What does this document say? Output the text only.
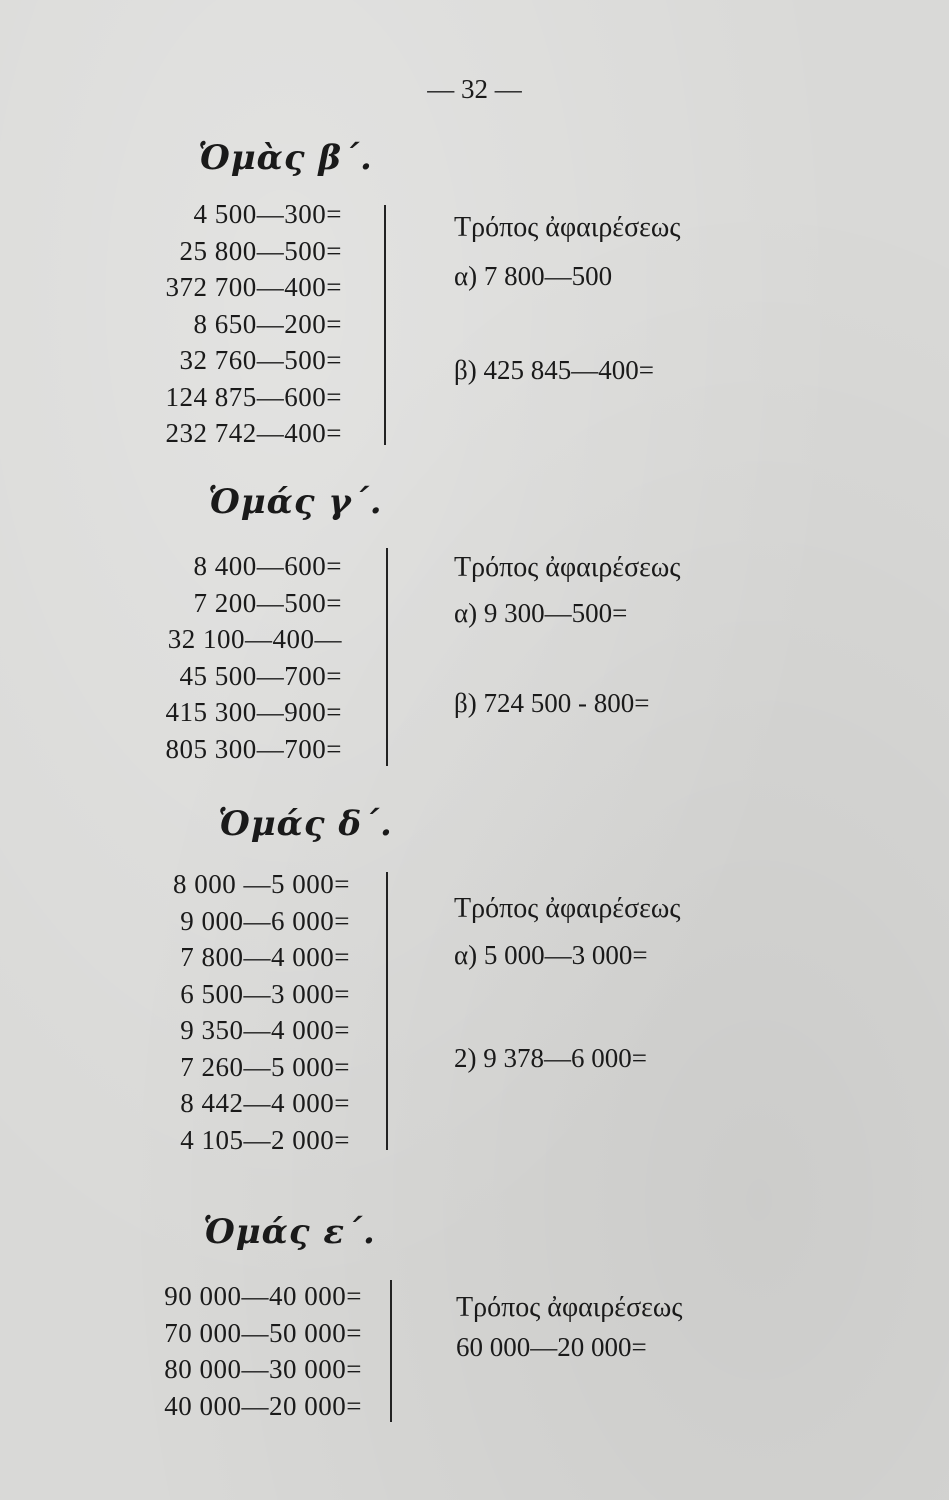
— 32 —
Ὁμὰς β΄.
4 500—300=
25 800—500=
372 700—400=
8 650—200=
32 760—500=
124 875—600=
232 742—400=
Τρόπος ἀφαιρέσεως
α) 7 800—500
β) 425 845—400=
Ὁμάς γ΄.
8 400—600=
7 200—500=
32 100—400—
45 500—700=
415 300—900=
805 300—700=
Τρόπος ἀφαιρέσεως
α) 9 300—500=
β) 724 500 - 800=
Ὁμάς δ΄.
8 000 —5 000=
9 000—6 000=
7 800—4 000=
6 500—3 000=
9 350—4 000=
7 260—5 000=
8 442—4 000=
4 105—2 000=
Τρόπος ἀφαιρέσεως
α) 5 000—3 000=
2) 9 378—6 000=
Ὁμάς ε΄.
90 000—40 000=
70 000—50 000=
80 000—30 000=
40 000—20 000=
Τρόπος ἀφαιρέσεως
60 000—20 000=
